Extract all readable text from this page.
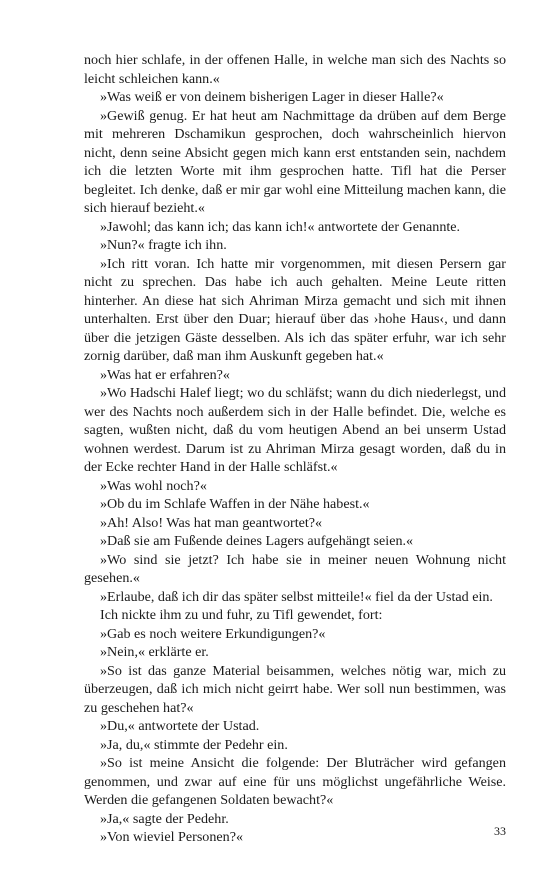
noch hier schlafe, in der offenen Halle, in welche man sich des Nachts so leicht schleichen kann.«

»Was weiß er von deinem bisherigen Lager in dieser Halle?«

»Gewiß genug. Er hat heut am Nachmittage da drüben auf dem Berge mit mehreren Dschamikun gesprochen, doch wahrscheinlich hiervon nicht, denn seine Absicht gegen mich kann erst entstanden sein, nachdem ich die letzten Worte mit ihm gesprochen hatte. Tifl hat die Perser begleitet. Ich denke, daß er mir gar wohl eine Mitteilung machen kann, die sich hierauf bezieht.«

»Jawohl; das kann ich; das kann ich!« antwortete der Genannte.

»Nun?« fragte ich ihn.

»Ich ritt voran. Ich hatte mir vorgenommen, mit diesen Persern gar nicht zu sprechen. Das habe ich auch gehalten. Meine Leute ritten hinterher. An diese hat sich Ahriman Mirza gemacht und sich mit ihnen unterhalten. Erst über den Duar; hierauf über das ›hohe Haus‹, und dann über die jetzigen Gäste desselben. Als ich das später erfuhr, war ich sehr zornig darüber, daß man ihm Auskunft gegeben hat.«

»Was hat er erfahren?«

»Wo Hadschi Halef liegt; wo du schläfst; wann du dich niederlegst, und wer des Nachts noch außerdem sich in der Halle befindet. Die, welche es sagten, wußten nicht, daß du vom heutigen Abend an bei unserm Ustad wohnen werdest. Darum ist zu Ahriman Mirza gesagt worden, daß du in der Ecke rechter Hand in der Halle schläfst.«

»Was wohl noch?«

»Ob du im Schlafe Waffen in der Nähe habest.«

»Ah! Also! Was hat man geantwortet?«

»Daß sie am Fußende deines Lagers aufgehängt seien.«

»Wo sind sie jetzt? Ich habe sie in meiner neuen Wohnung nicht gesehen.«

»Erlaube, daß ich dir das später selbst mitteile!« fiel da der Ustad ein.

Ich nickte ihm zu und fuhr, zu Tifl gewendet, fort:

»Gab es noch weitere Erkundigungen?«

»Nein,« erklärte er.

»So ist das ganze Material beisammen, welches nötig war, mich zu überzeugen, daß ich mich nicht geirrt habe. Wer soll nun bestimmen, was zu geschehen hat?«

»Du,« antwortete der Ustad.

»Ja, du,« stimmte der Pedehr ein.

»So ist meine Ansicht die folgende: Der Bluträcher wird gefangen genommen, und zwar auf eine für uns möglichst ungefährliche Weise. Werden die gefangenen Soldaten bewacht?«

»Ja,« sagte der Pedehr.

»Von wieviel Personen?«	33
